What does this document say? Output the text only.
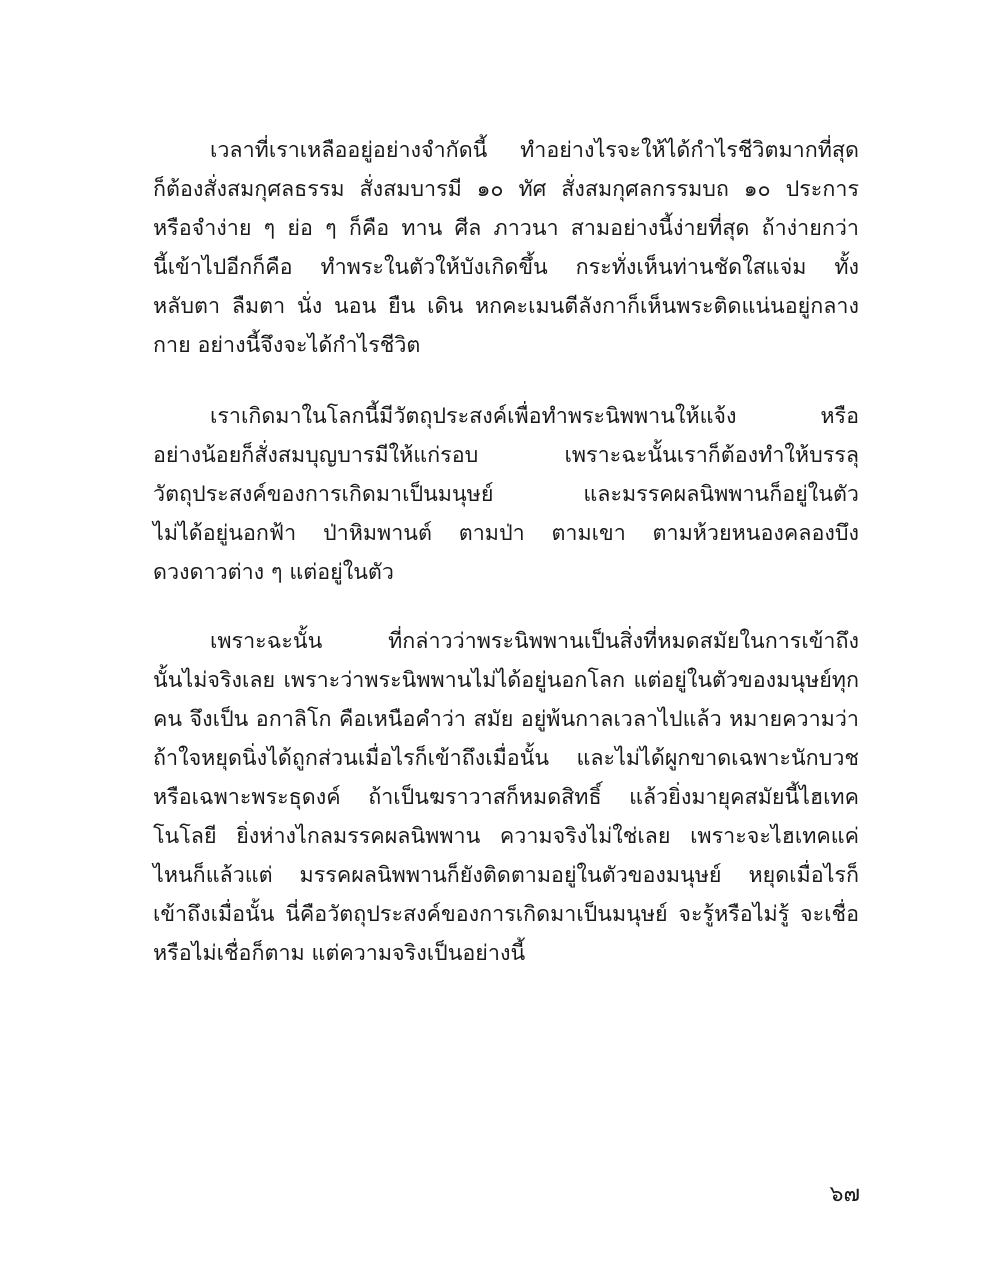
เวลาที่เราเหลืออยู่อย่างจำกัดนี้ ทำอย่างไรจะให้ได้กำไรชีวิตมากที่สุด
ก็ต้องสั่งสมกุศลธรรม สั่งสมบารมี ๑๐ ทัศ สั่งสมกุศลกรรมบถ ๑๐ ประการ
หรือจำง่าย ๆ ย่อ ๆ ก็คือ ทาน ศีล ภาวนา สามอย่างนี้ง่ายที่สุด ถ้าง่ายกว่า
นี้เข้าไปอีกก็คือ ทำพระในตัวให้บังเกิดขึ้น กระทั่งเห็นท่านชัดใสแจ่ม ทั้ง
หลับตา ลืมตา นั่ง นอน ยืน เดิน หกคะเมนตีลังกาก็เห็นพระติดแน่นอยู่กลาง
กาย อย่างนี้จึงจะได้กำไรชีวิต
เราเกิดมาในโลกนี้มีวัตถุประสงค์เพื่อทำพระนิพพานให้แจ้ง หรือ
อย่างน้อยก็สั่งสมบุญบารมีให้แก่รอบ เพราะฉะนั้นเราก็ต้องทำให้บรรลุ
วัตถุประสงค์ของการเกิดมาเป็นมนุษย์ และมรรคผลนิพพานก็อยู่ในตัว
ไม่ได้อยู่นอกฟ้า ป่าหิมพานต์ ตามป่า ตามเขา ตามห้วยหนองคลองบึง
ดวงดาวต่าง ๆ แต่อยู่ในตัว
เพราะฉะนั้น ที่กล่าวว่าพระนิพพานเป็นสิ่งที่หมดสมัยในการเข้าถึง
นั้นไม่จริงเลย เพราะว่าพระนิพพานไม่ได้อยู่นอกโลก แต่อยู่ในตัวของมนุษย์ทุก
คน จึงเป็น อกาลิโก คือเหนือคำว่า สมัย อยู่พ้นกาลเวลาไปแล้ว หมายความว่า
ถ้าใจหยุดนิ่งได้ถูกส่วนเมื่อไรก็เข้าถึงเมื่อนั้น และไม่ได้ผูกขาดเฉพาะนักบวช
หรือเฉพาะพระธุดงค์ ถ้าเป็นฆราวาสก็หมดสิทธิ์ แล้วยิ่งมายุคสมัยนี้ไฮเทค
โนโลยี ยิ่งห่างไกลมรรคผลนิพพาน ความจริงไม่ใช่เลย เพราะจะไฮเทคแค่
ไหนก็แล้วแต่ มรรคผลนิพพานก็ยังติดตามอยู่ในตัวของมนุษย์ หยุดเมื่อไรก็
เข้าถึงเมื่อนั้น นี่คือวัตถุประสงค์ของการเกิดมาเป็นมนุษย์ จะรู้หรือไม่รู้ จะเชื่อ
หรือไม่เชื่อก็ตาม แต่ความจริงเป็นอย่างนี้
๖๗
